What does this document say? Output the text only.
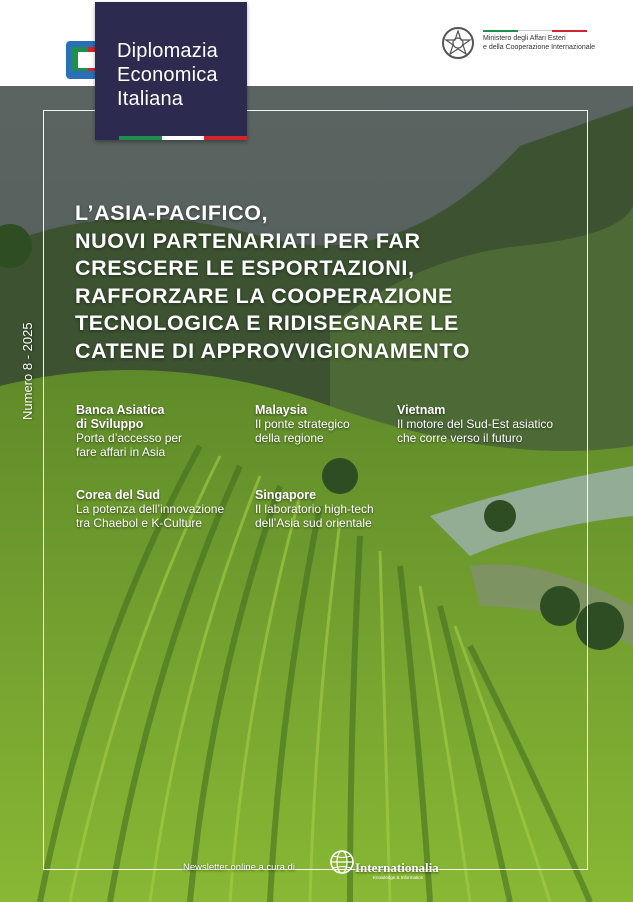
Diplomazia
Economica
Italiana
Ministero degli Affari Esteri
e della Cooperazione Internazionale
Numero 8 - 2025
L’ASIA-PACIFICO,
NUOVI PARTENARIATI PER FAR
CRESCERE LE ESPORTAZIONI,
RAFFORZARE LA COOPERAZIONE
TECNOLOGICA E RIDISEGNARE LE
CATENE DI APPROVVIGIONAMENTO
Banca Asiatica
di Sviluppo
Porta d’accesso per
fare affari in Asia
Malaysia
Il ponte strategico
della regione
Vietnam
Il motore del Sud-Est asiatico
che corre verso il futuro
Corea del Sud
La potenza dell’innovazione
tra Chaebol e K-Culture
Singapore
Il laboratorio high-tech
dell’Asia sud orientale
Newsletter online a cura di	Internationalia
Knowledge & Information
